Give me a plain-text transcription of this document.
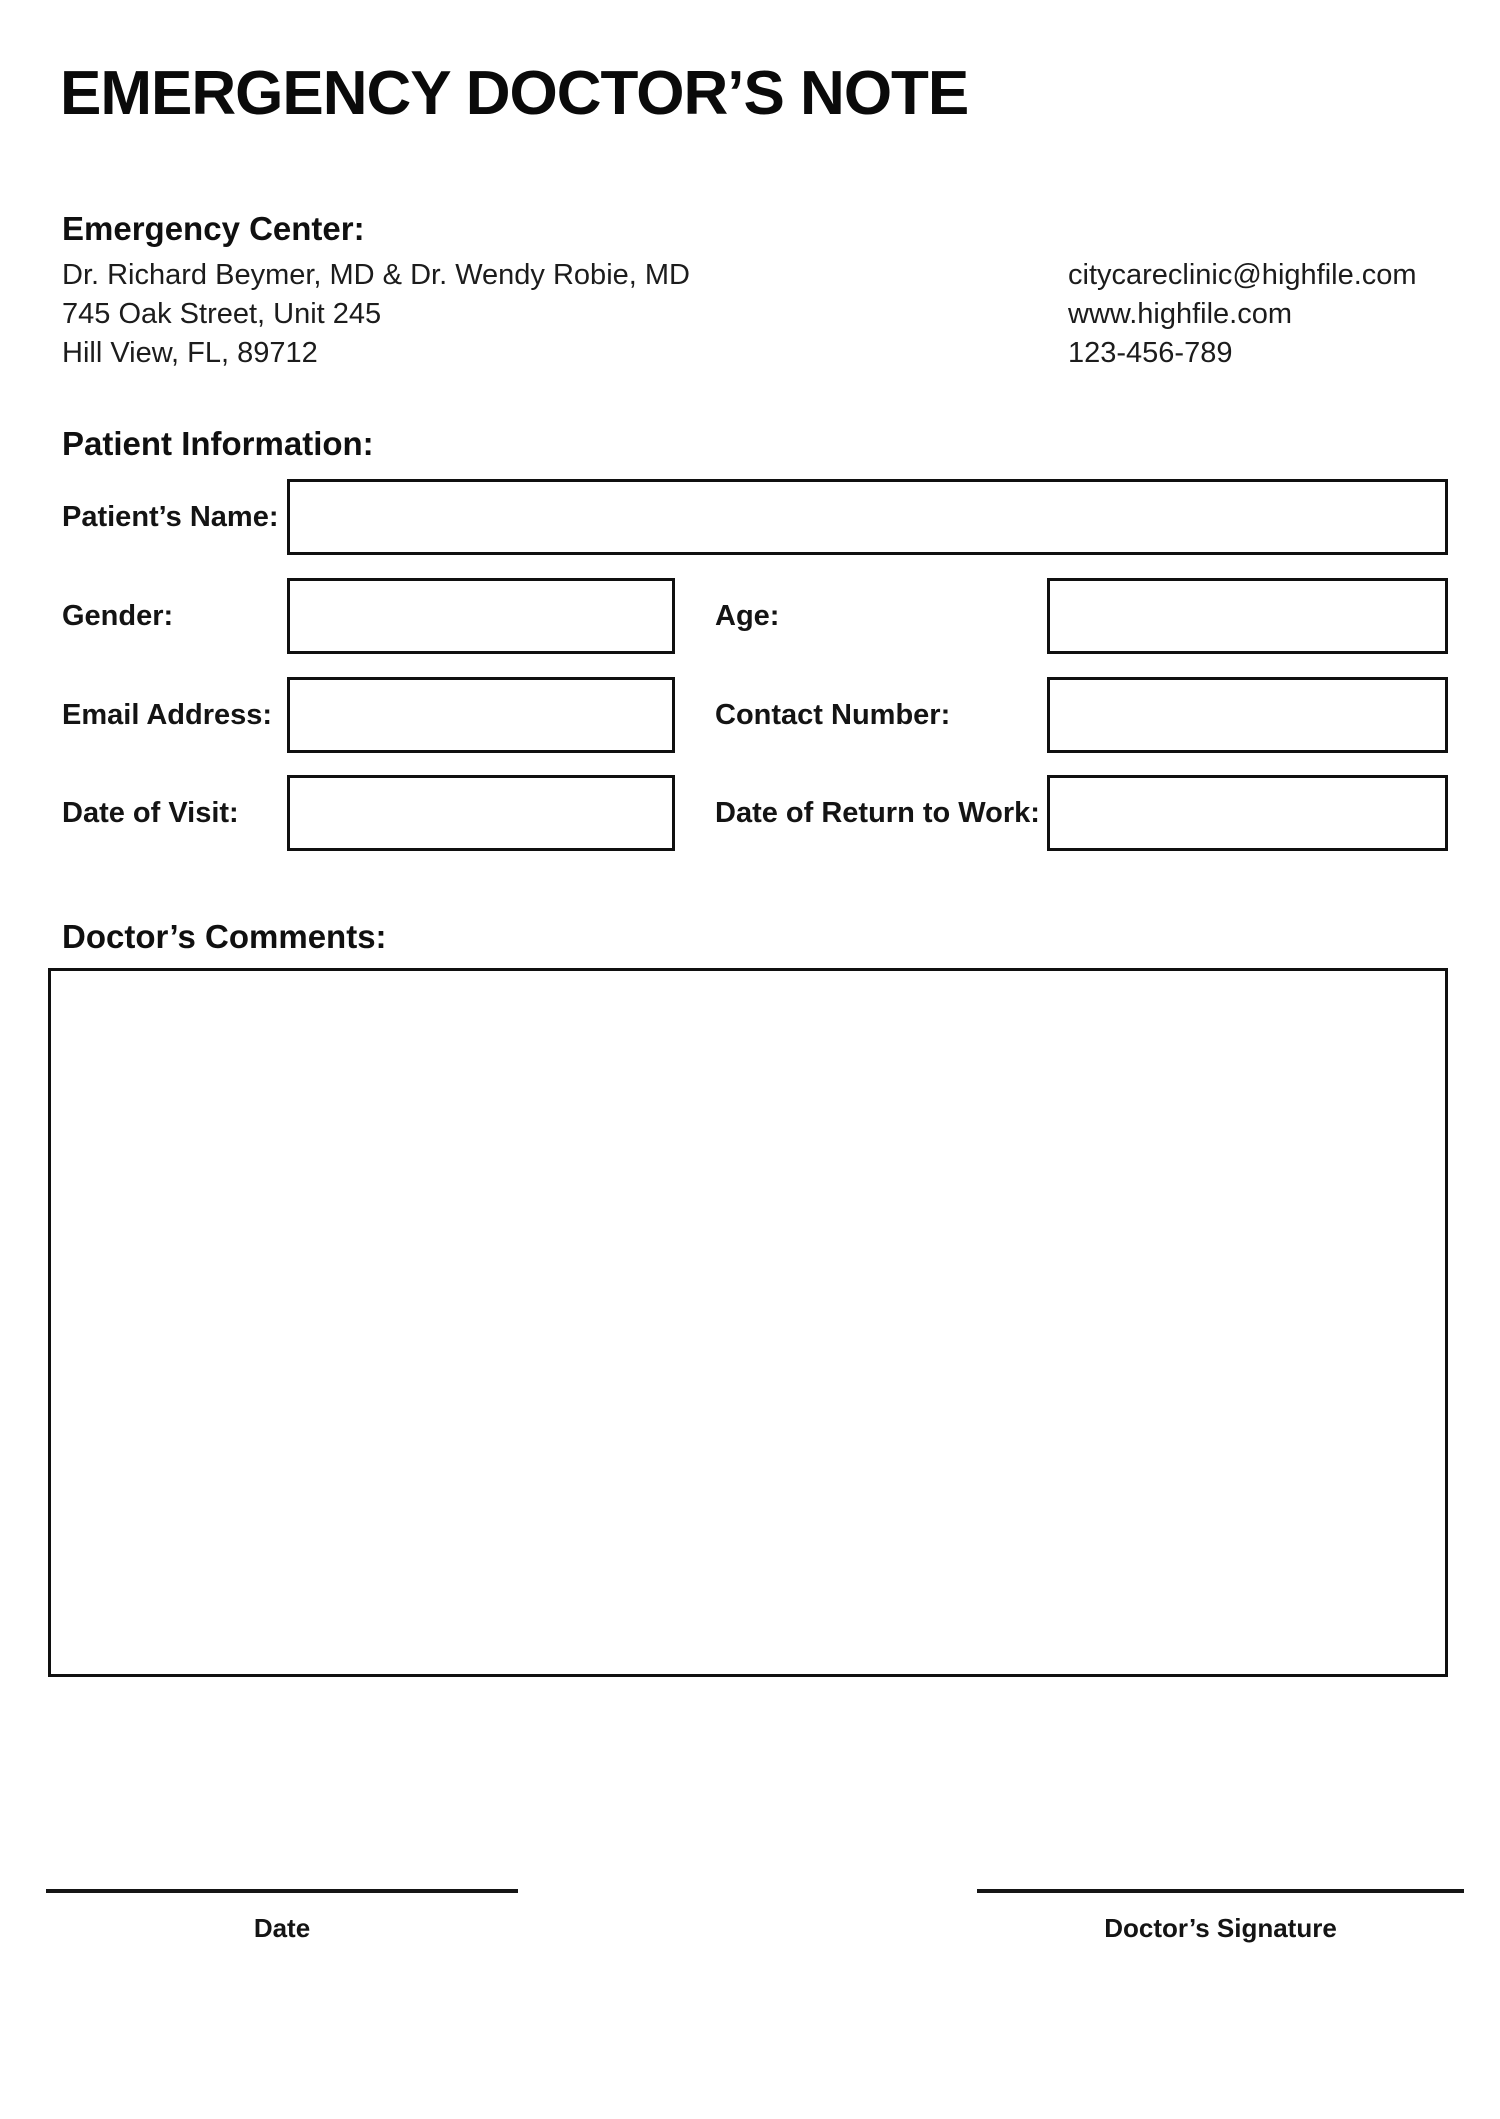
EMERGENCY DOCTOR’S NOTE
Emergency Center:
Dr. Richard Beymer, MD & Dr. Wendy Robie, MD
745 Oak Street, Unit 245
Hill View, FL, 89712
citycareclinic@highfile.com
www.highfile.com
123-456-789
Patient Information:
Patient’s Name:
Gender:	Age:
Email Address:	Contact Number:
Date of Visit:	Date of Return to Work:
Doctor’s Comments:
Date	Doctor’s Signature
